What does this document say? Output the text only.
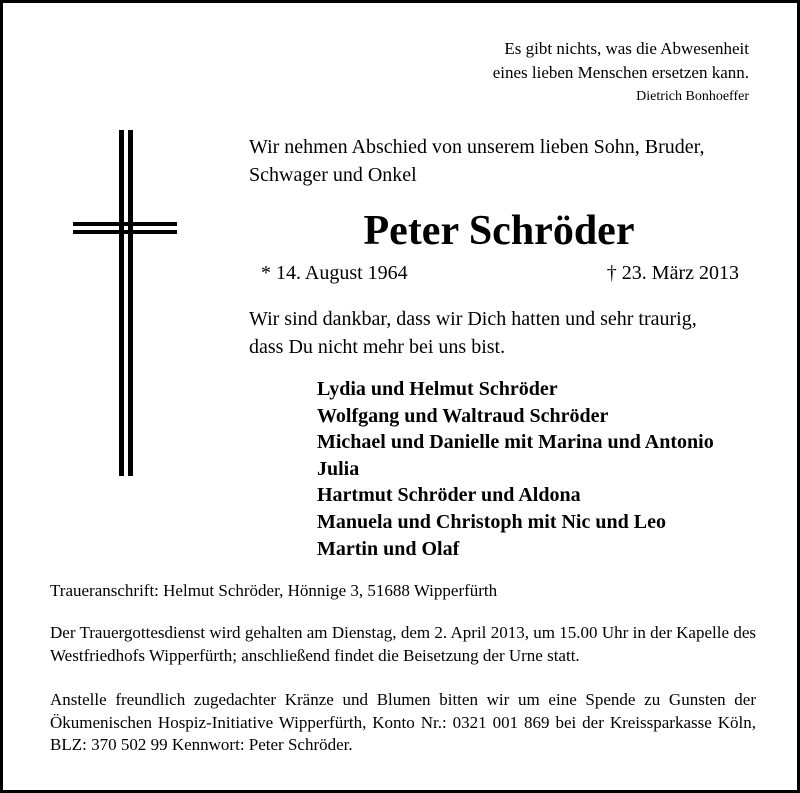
Es gibt nichts, was die Abwesenheit
eines lieben Menschen ersetzen kann.
Dietrich Bonhoeffer
Wir nehmen Abschied von unserem lieben Sohn, Bruder,
Schwager und Onkel
Peter Schröder
* 14. August 1964	† 23. März 2013
Wir sind dankbar, dass wir Dich hatten und sehr traurig,
dass Du nicht mehr bei uns bist.
Lydia und Helmut Schröder
Wolfgang und Waltraud Schröder
Michael und Danielle mit Marina und Antonio
Julia
Hartmut Schröder und Aldona
Manuela und Christoph mit Nic und Leo
Martin und Olaf
Traueranschrift: Helmut Schröder, Hönnige 3, 51688 Wipperfürth
Der Trauergottesdienst wird gehalten am Dienstag, dem 2. April 2013, um 15.00 Uhr in der Kapelle des Westfriedhofs Wipperfürth; anschließend findet die Beisetzung der Urne statt.
Anstelle freundlich zugedachter Kränze und Blumen bitten wir um eine Spende zu Gunsten der Ökumenischen Hospiz-Initiative Wipperfürth, Konto Nr.: 0321 001 869 bei der Kreissparkasse Köln, BLZ: 370 502 99 Kennwort: Peter Schröder.
